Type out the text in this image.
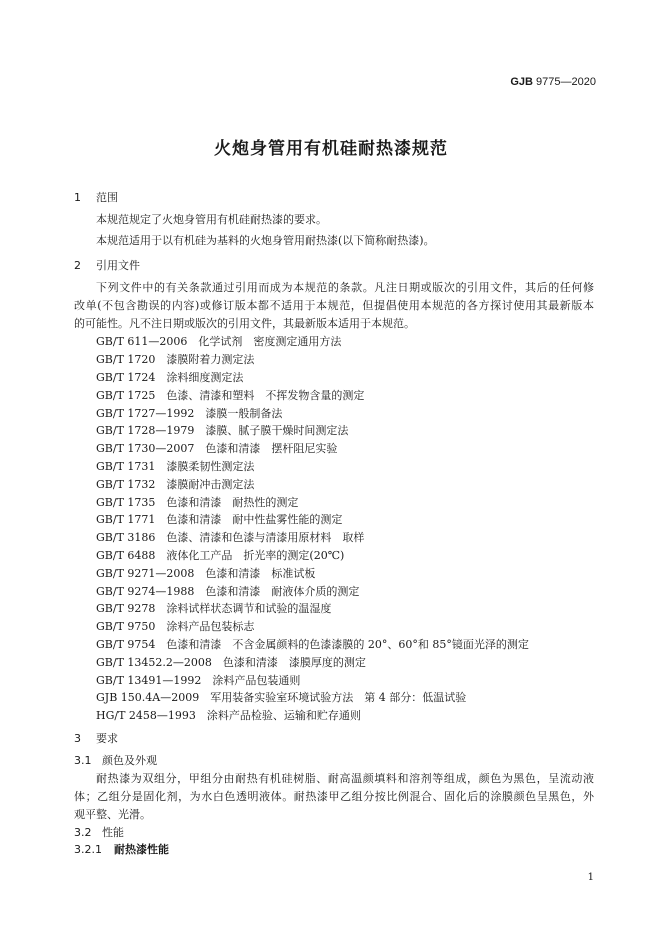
GJB 9775—2020
火炮身管用有机硅耐热漆规范
1 范围
本规范规定了火炮身管用有机硅耐热漆的要求。
本规范适用于以有机硅为基料的火炮身管用耐热漆(以下简称耐热漆)。
2 引用文件
下列文件中的有关条款通过引用而成为本规范的条款。凡注日期或版次的引用文件，其后的任何修
改单(不包含勘误的内容)或修订版本都不适用于本规范，但提倡使用本规范的各方探讨使用其最新版本
的可能性。凡不注日期或版次的引用文件，其最新版本适用于本规范。
GB/T 611—2006　化学试剂　密度测定通用方法
GB/T 1720　漆膜附着力测定法
GB/T 1724　涂料细度测定法
GB/T 1725　色漆、清漆和塑料　不挥发物含量的测定
GB/T 1727—1992　漆膜一般制备法
GB/T 1728—1979　漆膜、腻子膜干燥时间测定法
GB/T 1730—2007　色漆和清漆　摆杆阻尼实验
GB/T 1731　漆膜柔韧性测定法
GB/T 1732　漆膜耐冲击测定法
GB/T 1735　色漆和清漆　耐热性的测定
GB/T 1771　色漆和清漆　耐中性盐雾性能的测定
GB/T 3186　色漆、清漆和色漆与清漆用原材料　取样
GB/T 6488　液体化工产品　折光率的测定(20℃)
GB/T 9271—2008　色漆和清漆　标准试板
GB/T 9274—1988　色漆和清漆　耐液体介质的测定
GB/T 9278　涂料试样状态调节和试验的温湿度
GB/T 9750　涂料产品包装标志
GB/T 9754　色漆和清漆　不含金属颜料的色漆漆膜的 20°、60°和 85°镜面光泽的测定
GB/T 13452.2—2008　色漆和清漆　漆膜厚度的测定
GB/T 13491—1992　涂料产品包装通则
GJB 150.4A—2009　军用装备实验室环境试验方法　第 4 部分：低温试验
HG/T 2458—1993　涂料产品检验、运输和贮存通则
3 要求
3.1 颜色及外观
耐热漆为双组分，甲组分由耐热有机硅树脂、耐高温颜填料和溶剂等组成，颜色为黑色，呈流动液
体；乙组分是固化剂，为水白色透明液体。耐热漆甲乙组分按比例混合、固化后的涂膜颜色呈黑色，外
观平整、光滑。
3.2 性能
3.2.1 耐热漆性能
1
